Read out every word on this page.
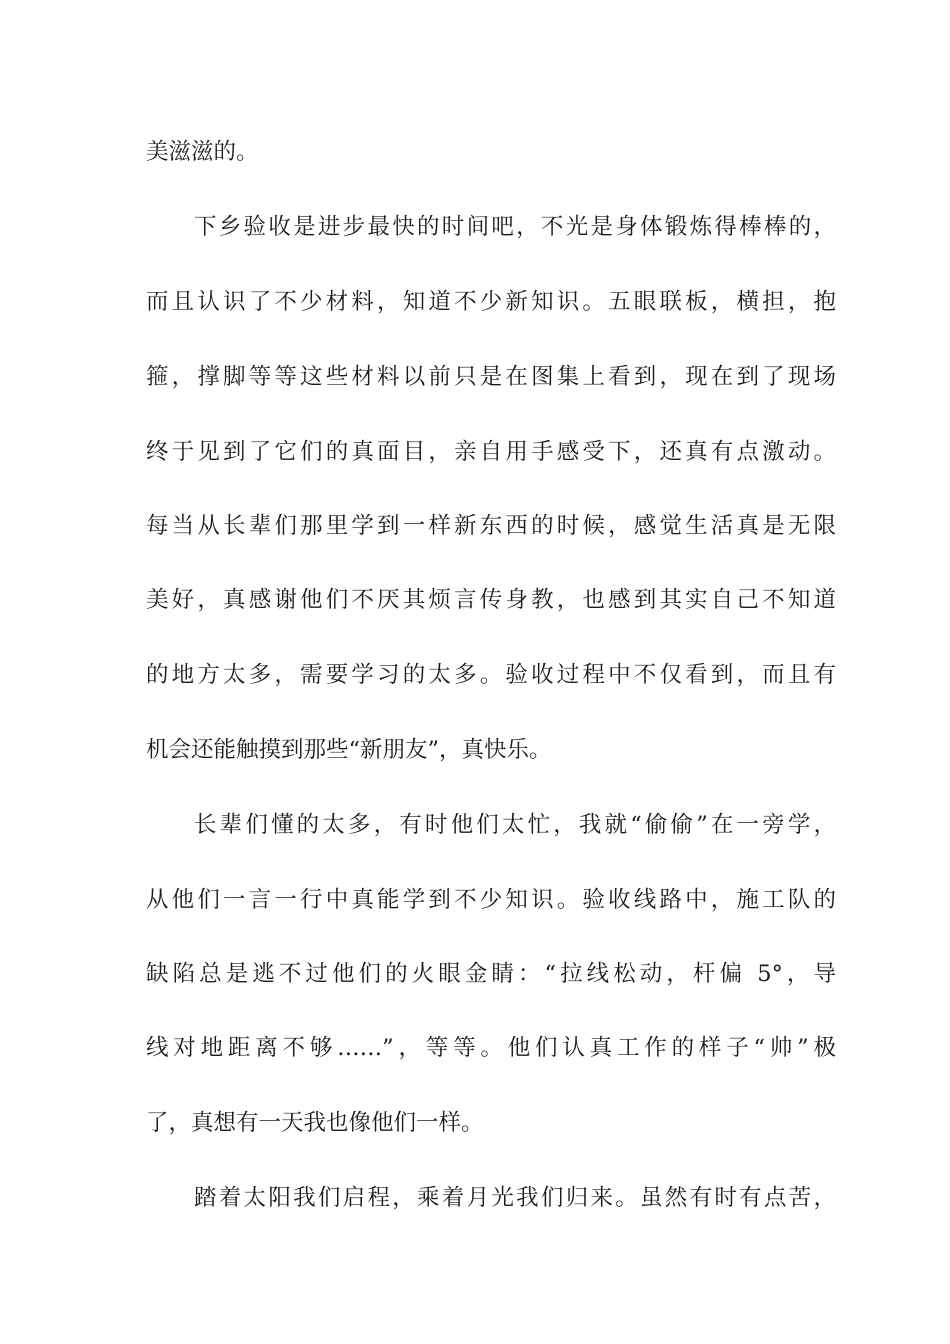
美滋滋的。
下乡验收是进步最快的时间吧，不光是身体锻炼得棒棒的，
而且认识了不少材料，知道不少新知识。五眼联板，横担，抱
箍，撑脚等等这些材料以前只是在图集上看到，现在到了现场
终于见到了它们的真面目，亲自用手感受下，还真有点激动。
每当从长辈们那里学到一样新东西的时候，感觉生活真是无限
美好，真感谢他们不厌其烦言传身教，也感到其实自己不知道
的地方太多，需要学习的太多。验收过程中不仅看到，而且有
机会还能触摸到那些“新朋友”，真快乐。
长辈们懂的太多，有时他们太忙，我就“偷偷”在一旁学，
从他们一言一行中真能学到不少知识。验收线路中，施工队的
缺陷总是逃不过他们的火眼金睛：“拉线松动，杆偏 5°，导
线对地距离不够……”，等等。他们认真工作的样子“帅”极
了，真想有一天我也像他们一样。
踏着太阳我们启程，乘着月光我们归来。虽然有时有点苦，
